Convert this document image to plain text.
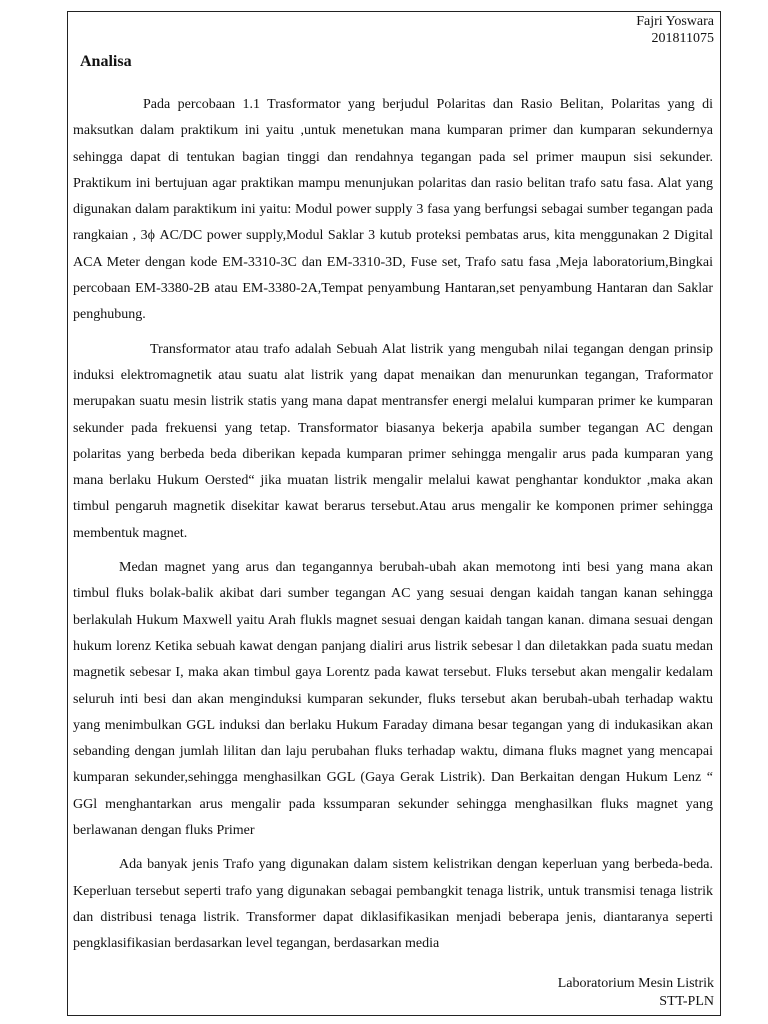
Fajri Yoswara
201811075
Analisa

Pada percobaan 1.1 Trasformator yang berjudul Polaritas dan Rasio Belitan, Polaritas yang di maksutkan dalam praktikum ini yaitu ,untuk menetukan mana kumparan primer dan kumparan sekundernya sehingga dapat di tentukan bagian tinggi dan rendahnya tegangan pada sel primer maupun sisi sekunder. Praktikum ini bertujuan agar praktikan mampu menunjukan polaritas dan rasio belitan trafo satu fasa. Alat yang digunakan dalam paraktikum ini yaitu: Modul power supply 3 fasa yang berfungsi sebagai sumber tegangan pada rangkaian , 3ϕ AC/DC power supply,Modul Saklar 3 kutub proteksi pembatas arus, kita menggunakan 2 Digital ACA Meter dengan kode EM-3310-3C dan EM-3310-3D, Fuse set, Trafo satu fasa ,Meja laboratorium,Bingkai percobaan EM-3380-2B atau EM-3380-2A,Tempat penyambung Hantaran,set penyambung Hantaran dan Saklar penghubung.

Transformator atau trafo adalah Sebuah Alat listrik yang mengubah nilai tegangan dengan prinsip induksi elektromagnetik atau suatu alat listrik yang dapat menaikan dan menurunkan tegangan, Traformator merupakan suatu mesin listrik statis yang mana dapat mentransfer energi melalui kumparan primer ke kumparan sekunder pada frekuensi yang tetap. Transformator biasanya bekerja apabila sumber tegangan AC dengan polaritas yang berbeda beda diberikan kepada kumparan primer sehingga mengalir arus pada kumparan yang mana berlaku Hukum Oersted“ jika muatan listrik mengalir melalui kawat penghantar konduktor ,maka akan timbul pengaruh magnetik disekitar kawat berarus tersebut.Atau arus mengalir ke komponen primer sehingga membentuk magnet.

Medan magnet yang arus dan tegangannya berubah-ubah akan memotong inti besi yang mana akan timbul fluks bolak-balik akibat dari sumber tegangan AC yang sesuai dengan kaidah tangan kanan sehingga berlakulah Hukum Maxwell yaitu Arah flukls magnet sesuai dengan kaidah tangan kanan. dimana sesuai dengan hukum lorenz Ketika sebuah kawat dengan panjang dialiri arus listrik sebesar l dan diletakkan pada suatu medan magnetik sebesar I, maka akan timbul gaya Lorentz pada kawat tersebut. Fluks tersebut akan mengalir kedalam seluruh inti besi dan akan menginduksi kumparan sekunder, fluks tersebut akan berubah-ubah terhadap waktu yang menimbulkan GGL induksi dan berlaku Hukum Faraday dimana besar tegangan yang di indukasikan akan sebanding dengan jumlah lilitan dan laju perubahan fluks terhadap waktu, dimana fluks magnet yang mencapai kumparan sekunder,sehingga menghasilkan GGL (Gaya Gerak Listrik). Dan Berkaitan dengan Hukum Lenz “ GGl menghantarkan arus mengalir pada kssumparan sekunder sehingga menghasilkan fluks magnet yang berlawanan dengan fluks Primer

Ada banyak jenis Trafo yang digunakan dalam sistem kelistrikan dengan keperluan yang berbeda-beda. Keperluan tersebut seperti trafo yang digunakan sebagai pembangkit tenaga listrik, untuk transmisi tenaga listrik dan distribusi tenaga listrik. Transformer dapat diklasifikasikan menjadi beberapa jenis, diantaranya seperti pengklasifikasian berdasarkan level tegangan, berdasarkan media

Laboratorium Mesin Listrik
STT-PLN
